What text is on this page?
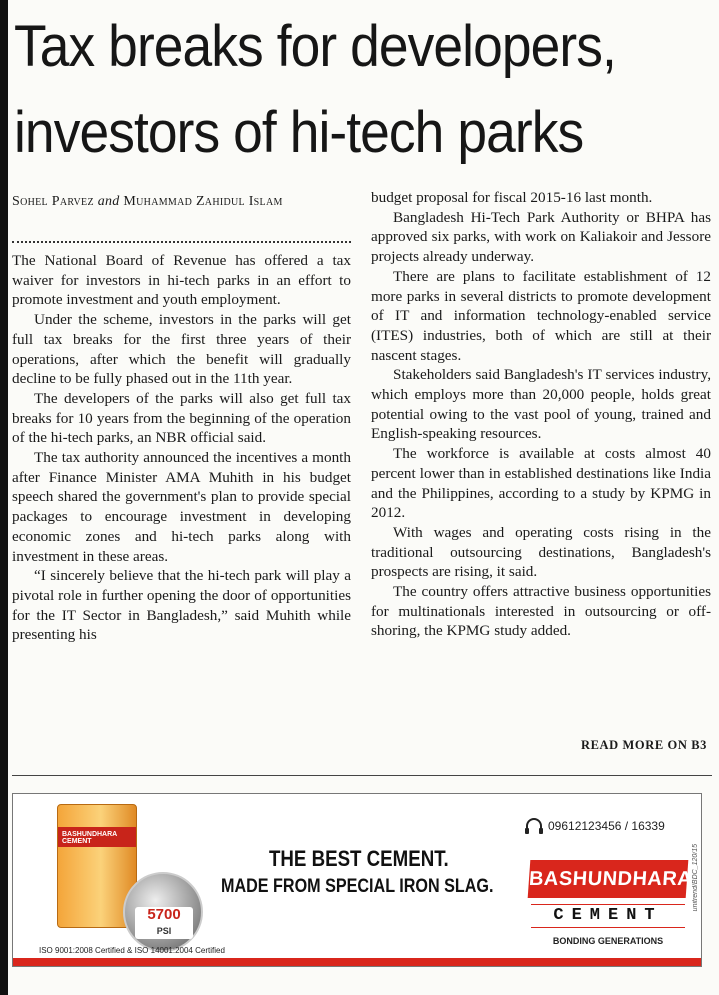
Tax breaks for developers,
investors of hi-tech parks
Sohel Parvez and Muhammad Zahidul Islam

The National Board of Revenue has offered a tax waiver for investors in hi-tech parks in an effort to promote investment and youth employment.

Under the scheme, investors in the parks will get full tax breaks for the first three years of their operations, after which the benefit will gradually decline to be fully phased out in the 11th year.

The developers of the parks will also get full tax breaks for 10 years from the beginning of the operation of the hi-tech parks, an NBR official said.

The tax authority announced the incentives a month after Finance Minister AMA Muhith in his budget speech shared the government's plan to provide special packages to encourage investment in developing economic zones and hi-tech parks along with investment in these areas.

“I sincerely believe that the hi-tech park will play a pivotal role in further opening the door of opportunities for the IT Sector in Bangladesh,” said Muhith while presenting his

budget proposal for fiscal 2015-16 last month.

Bangladesh Hi-Tech Park Authority or BHPA has approved six parks, with work on Kaliakoir and Jessore projects already underway.

There are plans to facilitate establishment of 12 more parks in several districts to promote development of IT and information technology-enabled service (ITES) industries, both of which are still at their nascent stages.

Stakeholders said Bangladesh's IT services industry, which employs more than 20,000 people, holds great potential owing to the vast pool of young, trained and English-speaking resources.

The workforce is available at costs almost 40 percent lower than in established destinations like India and the Philippines, according to a study by KPMG in 2012.

With wages and operating costs rising in the traditional outsourcing destinations, Bangladesh's prospects are rising, it said.

The country offers attractive business opportunities for multinationals interested in outsourcing or off-shoring, the KPMG study added.

READ MORE ON B3
BASHUNDHARA CEMENT
5700
PSI
THE BEST CEMENT.
MADE FROM SPECIAL IRON SLAG.
ISO 9001:2008 Certified & ISO 14001:2004 Certified
09612123456 / 16339
BASHUNDHARA
CEMENT
BONDING GENERATIONS
unitrend/BDC_120/15
